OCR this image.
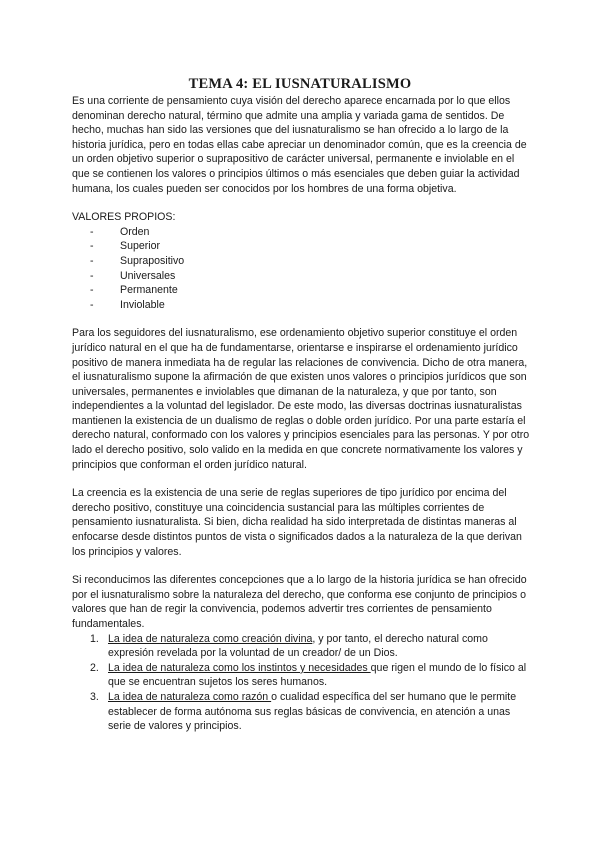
TEMA 4: EL IUSNATURALISMO

Es una corriente de pensamiento cuya visión del derecho aparece encarnada por lo que ellos denominan derecho natural, término que admite una amplia y variada gama de sentidos. De hecho, muchas han sido las versiones que del iusnaturalismo se han ofrecido a lo largo de la historia jurídica, pero en todas ellas cabe apreciar un denominador común, que es la creencia de un orden objetivo superior o suprapositivo de carácter universal, permanente e inviolable en el que se contienen los valores o principios últimos o más esenciales que deben guiar la actividad humana, los cuales pueden ser conocidos por los hombres de una forma objetiva.

VALORES PROPIOS:

-	Orden
-	Superior
-	Suprapositivo
-	Universales
-	Permanente
-	Inviolable

Para los seguidores del iusnaturalismo, ese ordenamiento objetivo superior constituye el orden jurídico natural en el que ha de fundamentarse, orientarse e inspirarse el ordenamiento jurídico positivo de manera inmediata ha de regular las relaciones de convivencia. Dicho de otra manera, el iusnaturalismo supone la afirmación de que existen unos valores o principios jurídicos que son universales, permanentes e inviolables que dimanan de la naturaleza, y que por tanto, son independientes a la voluntad del legislador. De este modo, las diversas doctrinas iusnaturalistas mantienen la existencia de un dualismo de reglas o doble orden jurídico. Por una parte estaría el derecho natural, conformado con los valores y principios esenciales para las personas. Y por otro lado el derecho positivo, solo valido en la medida en que concrete normativamente los valores y principios que conforman el orden jurídico natural.

La creencia es la existencia de una serie de reglas superiores de tipo jurídico por encima del derecho positivo, constituye una coincidencia sustancial para las múltiples corrientes de pensamiento iusnaturalista. Si bien, dicha realidad ha sido interpretada de distintas maneras al enfocarse desde distintos puntos de vista o significados dados a la naturaleza de la que derivan los principios y valores.

Si reconducimos las diferentes concepciones que a lo largo de la historia jurídica se han ofrecido por el iusnaturalismo sobre la naturaleza del derecho, que conforma ese conjunto de principios o valores que han de regir la convivencia, podemos advertir tres corrientes de pensamiento fundamentales.

1. La idea de naturaleza como creación divina, y por tanto, el derecho natural como expresión revelada por la voluntad de un creador/ de un Dios.
2. La idea de naturaleza como los instintos y necesidades que rigen el mundo de lo físico al que se encuentran sujetos los seres humanos.
3. La idea de naturaleza como razón o cualidad específica del ser humano que le permite establecer de forma autónoma sus reglas básicas de convivencia, en atención a unas serie de valores y principios.
